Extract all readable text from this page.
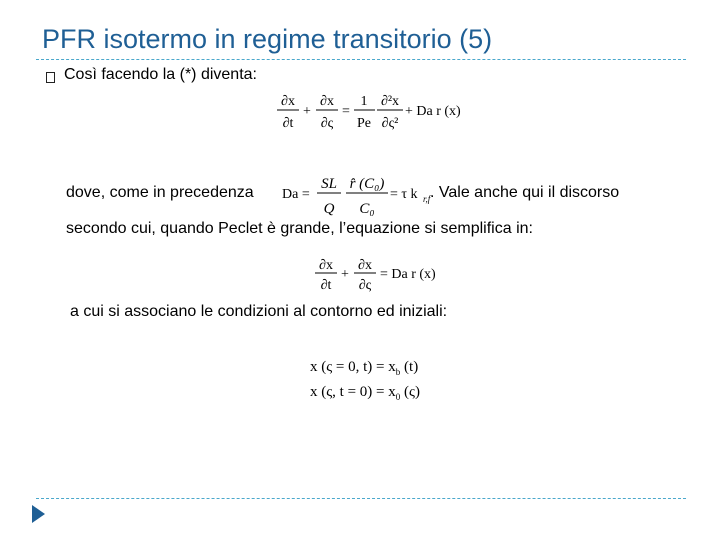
PFR isotermo in regime transitorio (5)
Così facendo la (*) diventa:
∂x
∂t
+
∂x
∂ς
=
1
Pe
∂²x
∂ς²
+ Da r (x)
dove, come in precedenza Da =
SL
Q
r̂ (C₀)
C₀
= τ k r,f . Vale anche qui il discorso
secondo cui, quando Peclet è grande, l’equazione si semplifica in:
∂x
∂t
+
∂x
∂ς
= Da r (x)
a cui si associano le condizioni al contorno ed iniziali:
x (ς = 0, $t) = x_b$ (t)
x (ς, $t = 0) = x_0$ (ς)
